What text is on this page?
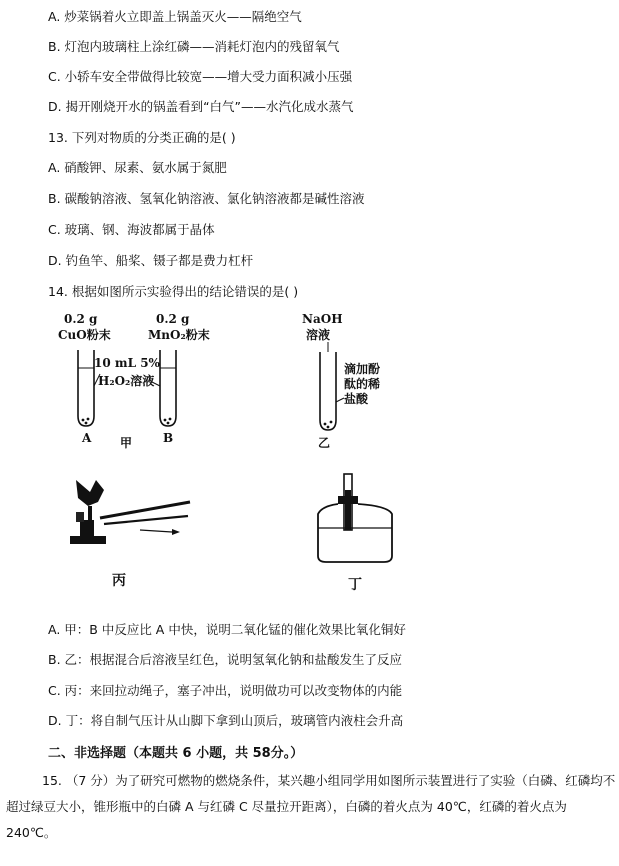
A. 炒菜锅着火立即盖上锅盖灭火——隔绝空气
B. 灯泡内玻璃柱上涂红磷——消耗灯泡内的残留氧气
C. 小轿车安全带做得比较宽——增大受力面积减小压强
D. 揭开刚烧开水的锅盖看到“白气”——水汽化成水蒸气
13. 下列对物质的分类正确的是( )
A. 硝酸钾、尿素、氨水属于氮肥
B. 碳酸钠溶液、氢氧化钠溶液、氯化钠溶液都是碱性溶液
C. 玻璃、钢、海波都属于晶体
D. 钓鱼竿、船桨、镊子都是费力杠杆
14. 根据如图所示实验得出的结论错误的是( )
0.2 g
CuO粉末
0.2 g
MnO₂粉末
10 mL 5%
H₂O₂溶液
A	B
甲
NaOH
溶液
滴加酚
酞的稀
盐酸
乙
丙	丁
A. 甲：B 中反应比 A 中快，说明二氧化锰的催化效果比氧化铜好
B. 乙：根据混合后溶液呈红色，说明氢氧化钠和盐酸发生了反应
C. 丙：来回拉动绳子，塞子冲出，说明做功可以改变物体的内能
D. 丁：将自制气压计从山脚下拿到山顶后，玻璃管内液柱会升高
二、非选择题（本题共 6 小题，共 58分。）
15. （7 分）为了研究可燃物的燃烧条件，某兴趣小组同学用如图所示装置进行了实验（白磷、红磷均不超过绿豆大小，锥形瓶中的白磷 A 与红磷 C 尽量拉开距离），白磷的着火点为 40℃，红磷的着火点为 240℃。
